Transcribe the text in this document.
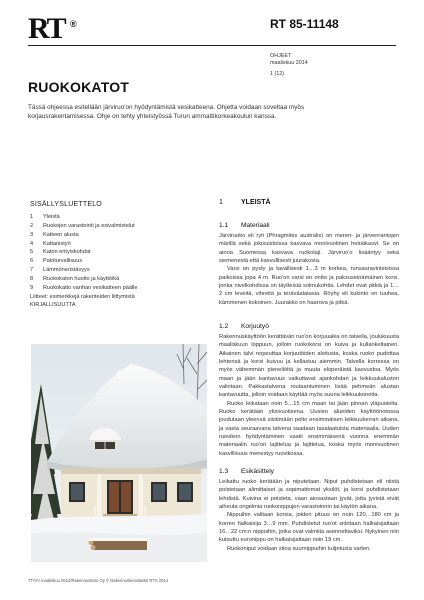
RT ®	RT 85-11148
OHJEET
maaliskuu 2014
1 (12)
RUOKOKATOT
Tässä ohjeessa esitellään järviruo'on hyödyntämistä vesikatteena. Ohjetta voidaan soveltaa myös korjausrakentamisessa. Ohje on tehty yhteistyössä Turun ammattikorkeakoulun kanssa.
SISÄLLYSLUETTELO
1 Yleistä
2 Ruokojen varastointi ja esivalmistelut
3 Katteen alusta
4 Kattanistyö
5 Katon erityiskohdat
6 Paloturvallisuus
7 Lämmöneristävyys
8 Ruokokaton huolto ja käyttöikä
9 Ruokokatto vanhan vesikatteen päälle
Liitteet: esimerkkejä rakenteiden liittymistä
KIRJALLISUUTTA
1	YLEISTÄ
1.1 Materiaali

Järviruoko eli ryti (Phragmites australis) on meren- ja järvenrantojen märillä sekä jokisuistoissa kasvava monivuotinen heinäkasvi. Se on ainoa Suomessa kasvava ruokolaji. Järviruo'o lisääntyy sekä siemenestä että kasvullisesti juurakosta.

Varsi on pysty ja tavallisesti 1…3 m korkea, runsasravinteisissa paikoissa jopa 4 m. Ruo'on varsi on ontto ja paksuseinämäinen korsi, jonka nivelkohdissa on täytteisiä solmukohtia. Lehdet ovat pitkiä ja 1…2 cm leveitä, vihreitä ja teräväalatasia. Röyhy eli kukinto on tuuhea, kämmenen kokoinen. Juurakko on haarova ja pitkä.

1.2 Korjuutyö

Rakennuskäyttöön kerättävän ruo'on korjuuaika on talvella, joulukuusta maaliskuun loppuun, jolloin ruokokorsi on kuiva ja kullankeltainen. Aikainen talvi nopeuttaa korjuutöiden aloitusta, koska ruoko pudottaa lehtensä ja korsi kuivuu ja kellastuu aiemmin. Talvella korressa on myös vähemmän pieneliöitä ja muuta eloperäistä kasvustoa. Myös maan ja jään kantavuus vaikuttavat ajankohdan ja leikkuukaluston valintaan. Pakkastalvena routaantuminen lisää pehmeän alustan kantavuutta, jolloin voidaan käyttää myös suuria leikkuukoneita.

Ruoko leikataan noin 5…15 cm maan tai jään pinnan yläpuolelta. Ruoko kerätään yksivuotisena. Uusien alueiden käyttöönotossa joudutaan yleensä siistimään pelto ensimmäisen leikkuukerran aikana, ja vasta seuraavana talvena saadaan tasalaatuista materiaalia. Uuden ruovikon hyödyntäminen vaatii ensimmäisenä vuonna enemmän materiaalin ruo'on lajittelua ja lajittelua, koska myös monivuotinen kasvillisuus menestyy ruovikossa.

1.3 Esikäsittely

Leikattu ruoko kerätään ja niputetaan. Niput puhdistetaan eli niistä poistetaan alimittaiset ja sopimattomat yksilöt, ja korsi puhdistetaan lehdistä. Kuivina ei poisteta, vaan aiosastaan jyvät, jotta jyvistä eivät aiheuta ongelmia ruokonippujen varastoinnin tai käytön aikana.

Nippuihin valitaan korsia, joiden pituus on noin 120…180 cm ja korren halkaisija 3…9 mm. Puhdistetut ruo'ot sidotaan halkaisijaltaan 16…22 cm:n nippuihin, jotka ovat valmiita asennettaviksi. Nykyinen niin kutsuttu euronippu on halkaisijaltaan noin 19 cm.

Ruokoniput voidaan sitoa suurnippuihin kuljetusta varten.

TT/VV maaliskuu 2014/Rakennustieto Oy © Rakennustietosäätiö RTS 2014
